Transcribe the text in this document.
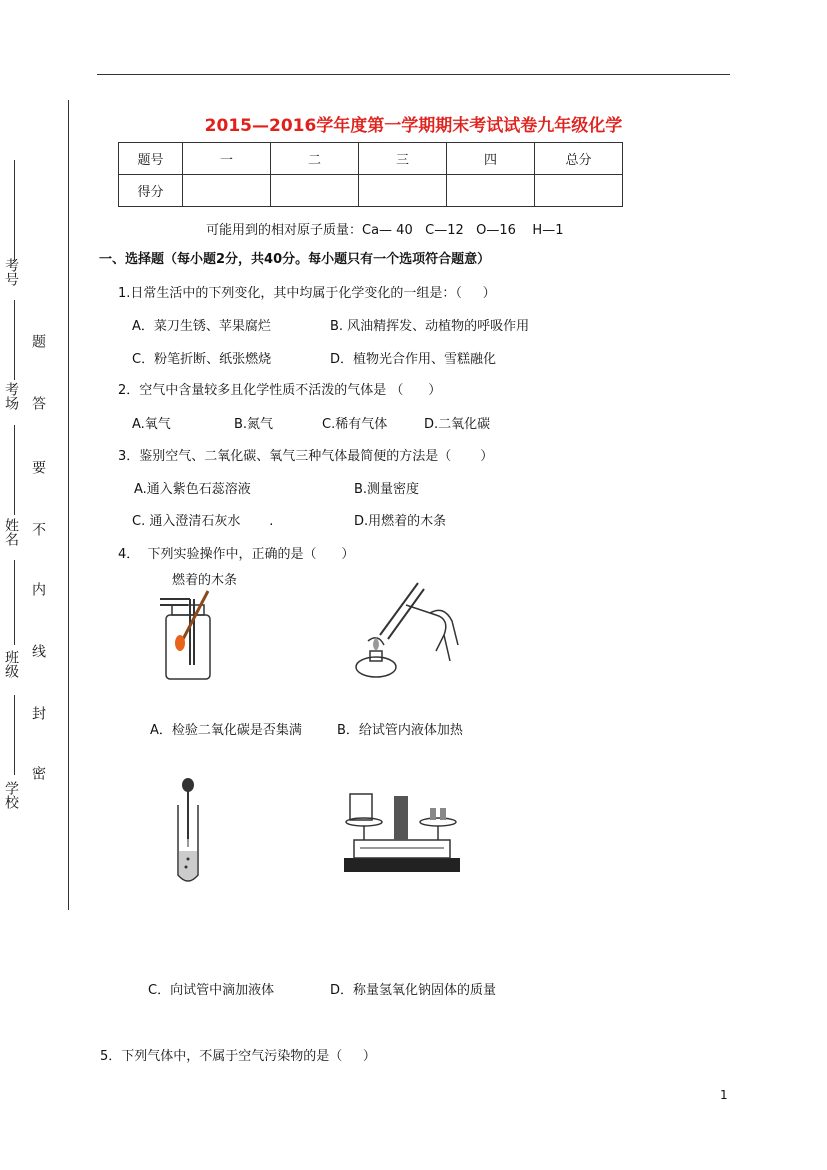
考号
考场
姓名
班级
学校
题
答
要
不
内
线
封
密
2015—2016学年度第一学期期末考试试卷九年级化学
题号	一	二	三	四	总分
得分					
可能用到的相对原子质量：Ca— 40   C—12   O—16    H—1
一、选择题（每小题2分，共40分。每小题只有一个选项符合题意）
1.日常生活中的下列变化，其中均属于化学变化的一组是：（     ）
A．菜刀生锈、苹果腐烂	B. 风油精挥发、动植物的呼吸作用
C．粉笔折断、纸张燃烧	D．植物光合作用、雪糕融化
2．空气中含量较多且化学性质不活泼的气体是 （      ）
A.氧气	B.氮气	C.稀有气体	D.二氧化碳
3．鉴别空气、二氧化碳、氧气三种气体最简便的方法是（       ）
A.通入紫色石蕊溶液	B.测量密度
C. 通入澄清石灰水       .	D.用燃着的木条
4．  下列实验操作中，正确的是（      ）
燃着的木条
A．检验二氧化碳是否集满	B．给试管内液体加热
C．向试管中滴加液体	D．称量氢氧化钠固体的质量
5．下列气体中，不属于空气污染物的是（     ）
1
